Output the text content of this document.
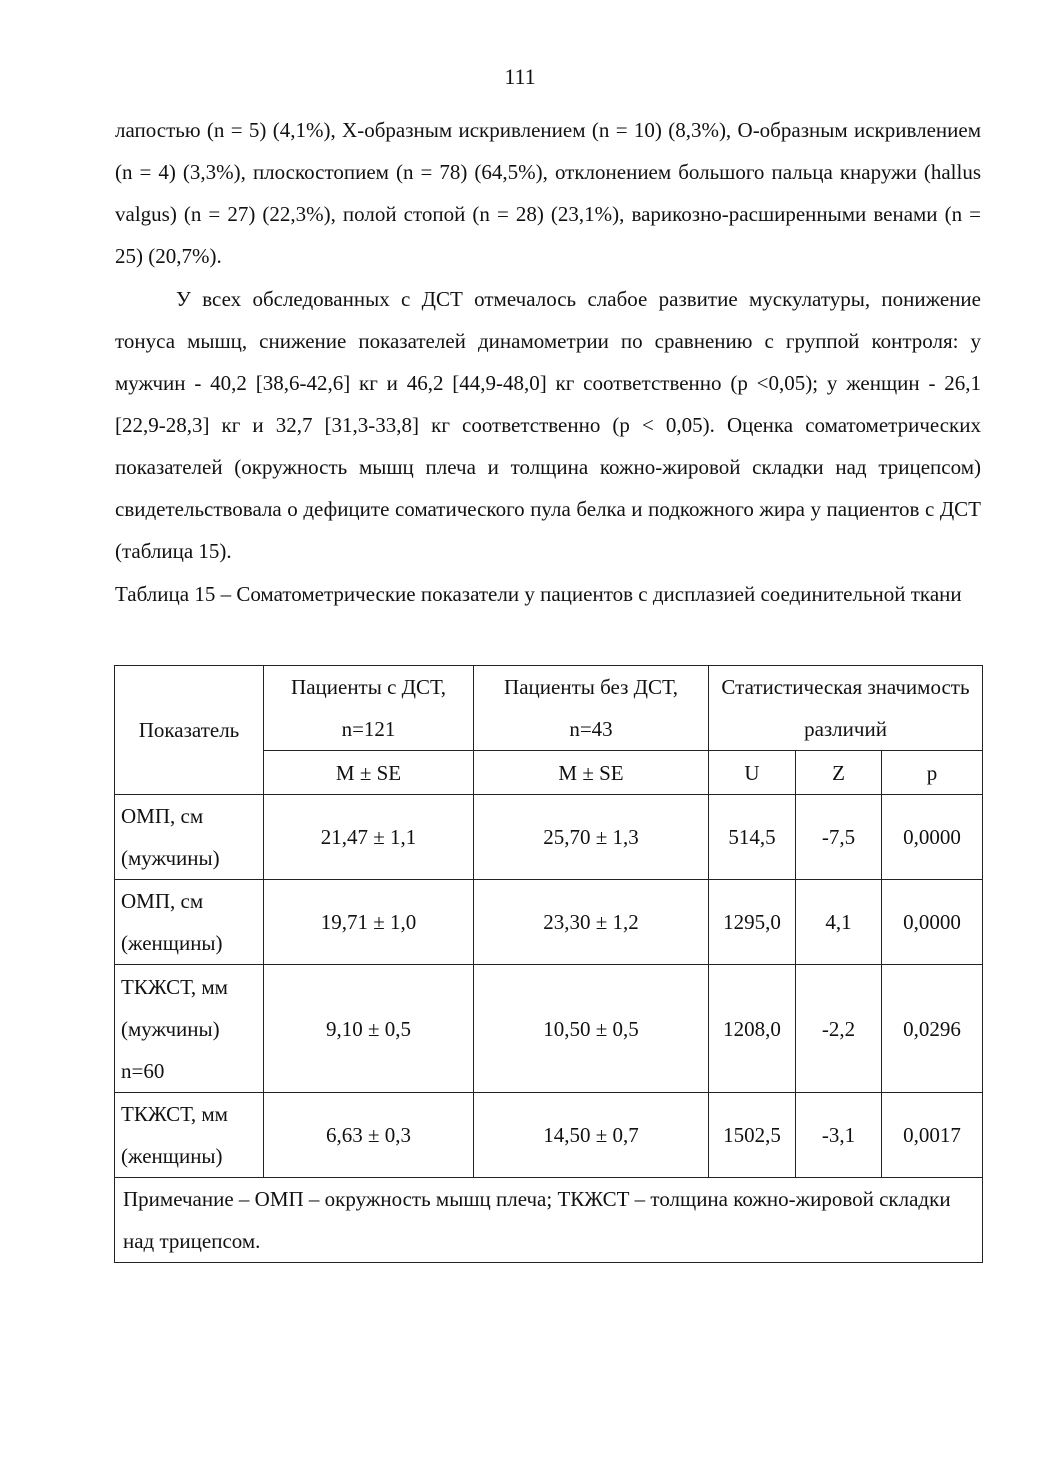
111

лапостью (n = 5) (4,1%), Х-образным искривлением (n = 10) (8,3%), О-образным искривлением (n = 4) (3,3%), плоскостопием (n = 78) (64,5%), отклонением большого пальца кнаружи (hallus valgus) (n = 27) (22,3%), полой стопой (n = 28) (23,1%), варикозно-расширенными венами (n = 25) (20,7%).

У всех обследованных с ДСТ отмечалось слабое развитие мускулатуры, понижение тонуса мышц, снижение показателей динамометрии по сравнению с группой контроля: у мужчин - 40,2 [38,6-42,6] кг и 46,2 [44,9-48,0] кг соответственно (p <0,05); у женщин - 26,1 [22,9-28,3] кг и 32,7 [31,3-33,8] кг соответственно (p < 0,05). Оценка соматометрических показателей (окружность мышц плеча и толщина кожно-жировой складки над трицепсом) свидетельствовала о дефиците соматического пула белка и подкожного жира у пациентов с ДСТ (таблица 15).

Таблица 15 – Соматометрические показатели у пациентов с дисплазией соединительной ткани

Показатель	Пациенты с ДСТ, n=121	Пациенты без ДСТ, n=43	Статистическая значимость различий		
	M ± SE	M ± SE	U	Z	p
ОМП, см (мужчины)	21,47 ± 1,1	25,70 ± 1,3	514,5	-7,5	0,0000
ОМП, см (женщины)	19,71 ± 1,0	23,30 ± 1,2	1295,0	4,1	0,0000
ТКЖСТ, мм (мужчины) n=60	9,10 ± 0,5	10,50 ± 0,5	1208,0	-2,2	0,0296
ТКЖСТ, мм (женщины)	6,63 ± 0,3	14,50 ± 0,7	1502,5	-3,1	0,0017
Примечание – ОМП – окружность мышц плеча; ТКЖСТ – толщина кожно-жировой складки над трицепсом.					
